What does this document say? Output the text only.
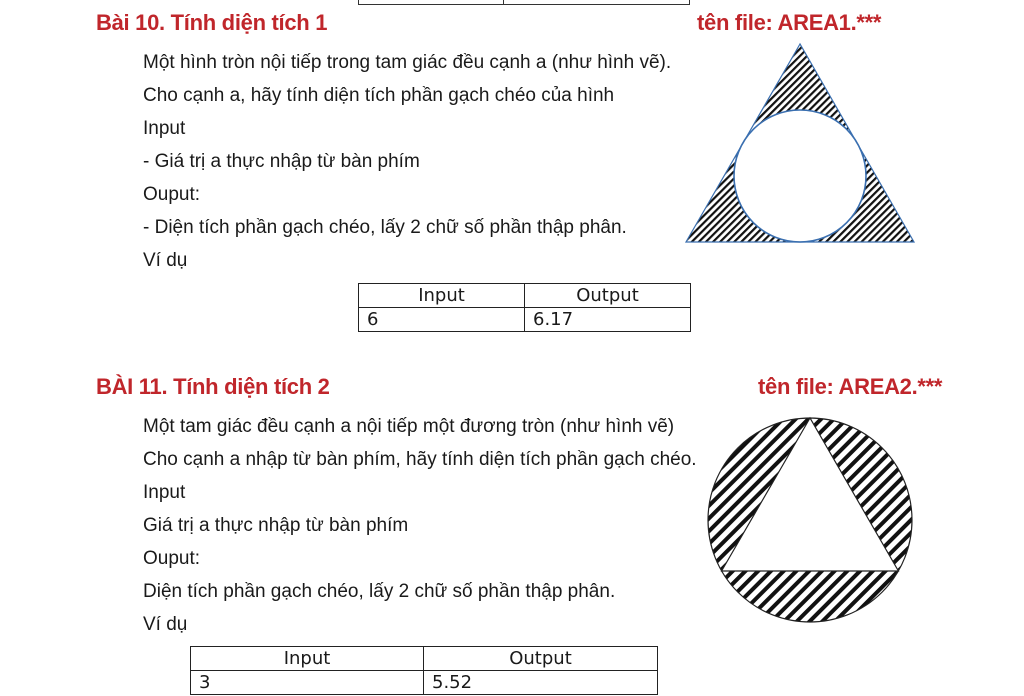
Bài 10. Tính diện tích 1	tên file: AREA1.***
Một hình tròn nội tiếp trong tam giác đều cạnh a (như hình vẽ).
Cho cạnh a, hãy tính diện tích phần gạch chéo của hình
Input
- Giá trị a thực nhập từ bàn phím
Ouput:
- Diện tích phần gạch chéo, lấy 2 chữ số phần thập phân.
Ví dụ
Input	Output
6	6.17
BÀI 11. Tính diện tích 2	tên file: AREA2.***
Một tam giác đều cạnh a nội tiếp một đương tròn (như hình vẽ)
Cho cạnh a nhập từ bàn phím, hãy tính diện tích phần gạch chéo.
Input
Giá trị a thực nhập từ bàn phím
Ouput:
Diện tích phần gạch chéo, lấy 2 chữ số phần thập phân.
Ví dụ
Input	Output
3	5.52
